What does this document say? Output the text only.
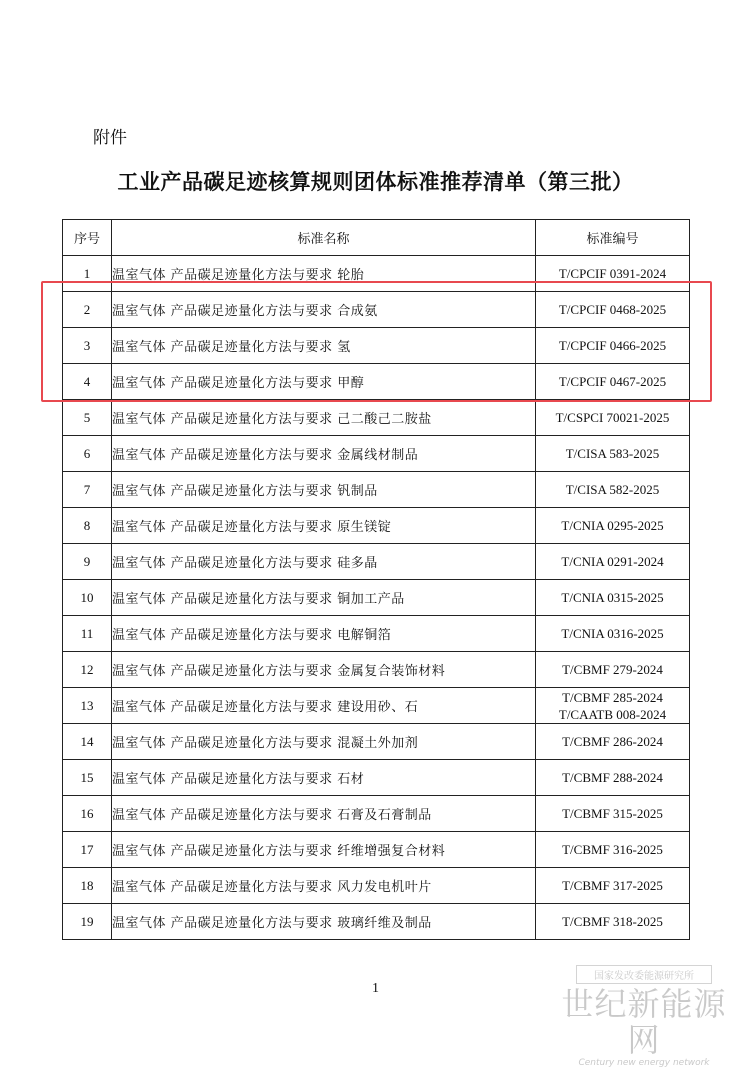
附件
工业产品碳足迹核算规则团体标准推荐清单（第三批）
序号	标准名称	标准编号
1	温室气体 产品碳足迹量化方法与要求 轮胎	T/CPCIF 0391-2024

2	温室气体 产品碳足迹量化方法与要求 合成氨	T/CPCIF 0468-2025

3	温室气体 产品碳足迹量化方法与要求 氢	T/CPCIF 0466-2025

4	温室气体 产品碳足迹量化方法与要求 甲醇	T/CPCIF 0467-2025

5	温室气体 产品碳足迹量化方法与要求 己二酸己二胺盐	T/CSPCI 70021-2025

6	温室气体 产品碳足迹量化方法与要求 金属线材制品	T/CISA 583-2025

7	温室气体 产品碳足迹量化方法与要求 钒制品	T/CISA 582-2025

8	温室气体 产品碳足迹量化方法与要求 原生镁锭	T/CNIA 0295-2025

9	温室气体 产品碳足迹量化方法与要求 硅多晶	T/CNIA 0291-2024

10	温室气体 产品碳足迹量化方法与要求 铜加工产品	T/CNIA 0315-2025

11	温室气体 产品碳足迹量化方法与要求 电解铜箔	T/CNIA 0316-2025

12	温室气体 产品碳足迹量化方法与要求 金属复合装饰材料	T/CBMF 279-2024

13	温室气体 产品碳足迹量化方法与要求 建设用砂、石	T/CBMF 285-2024
T/CAATB 008-2024

14	温室气体 产品碳足迹量化方法与要求 混凝土外加剂	T/CBMF 286-2024

15	温室气体 产品碳足迹量化方法与要求 石材	T/CBMF 288-2024

16	温室气体 产品碳足迹量化方法与要求 石膏及石膏制品	T/CBMF 315-2025

17	温室气体 产品碳足迹量化方法与要求 纤维增强复合材料	T/CBMF 316-2025

18	温室气体 产品碳足迹量化方法与要求 风力发电机叶片	T/CBMF 317-2025

19	温室气体 产品碳足迹量化方法与要求 玻璃纤维及制品	T/CBMF 318-2025
1
国家发改委能源研究所
世纪新能源网
Century new energy network
